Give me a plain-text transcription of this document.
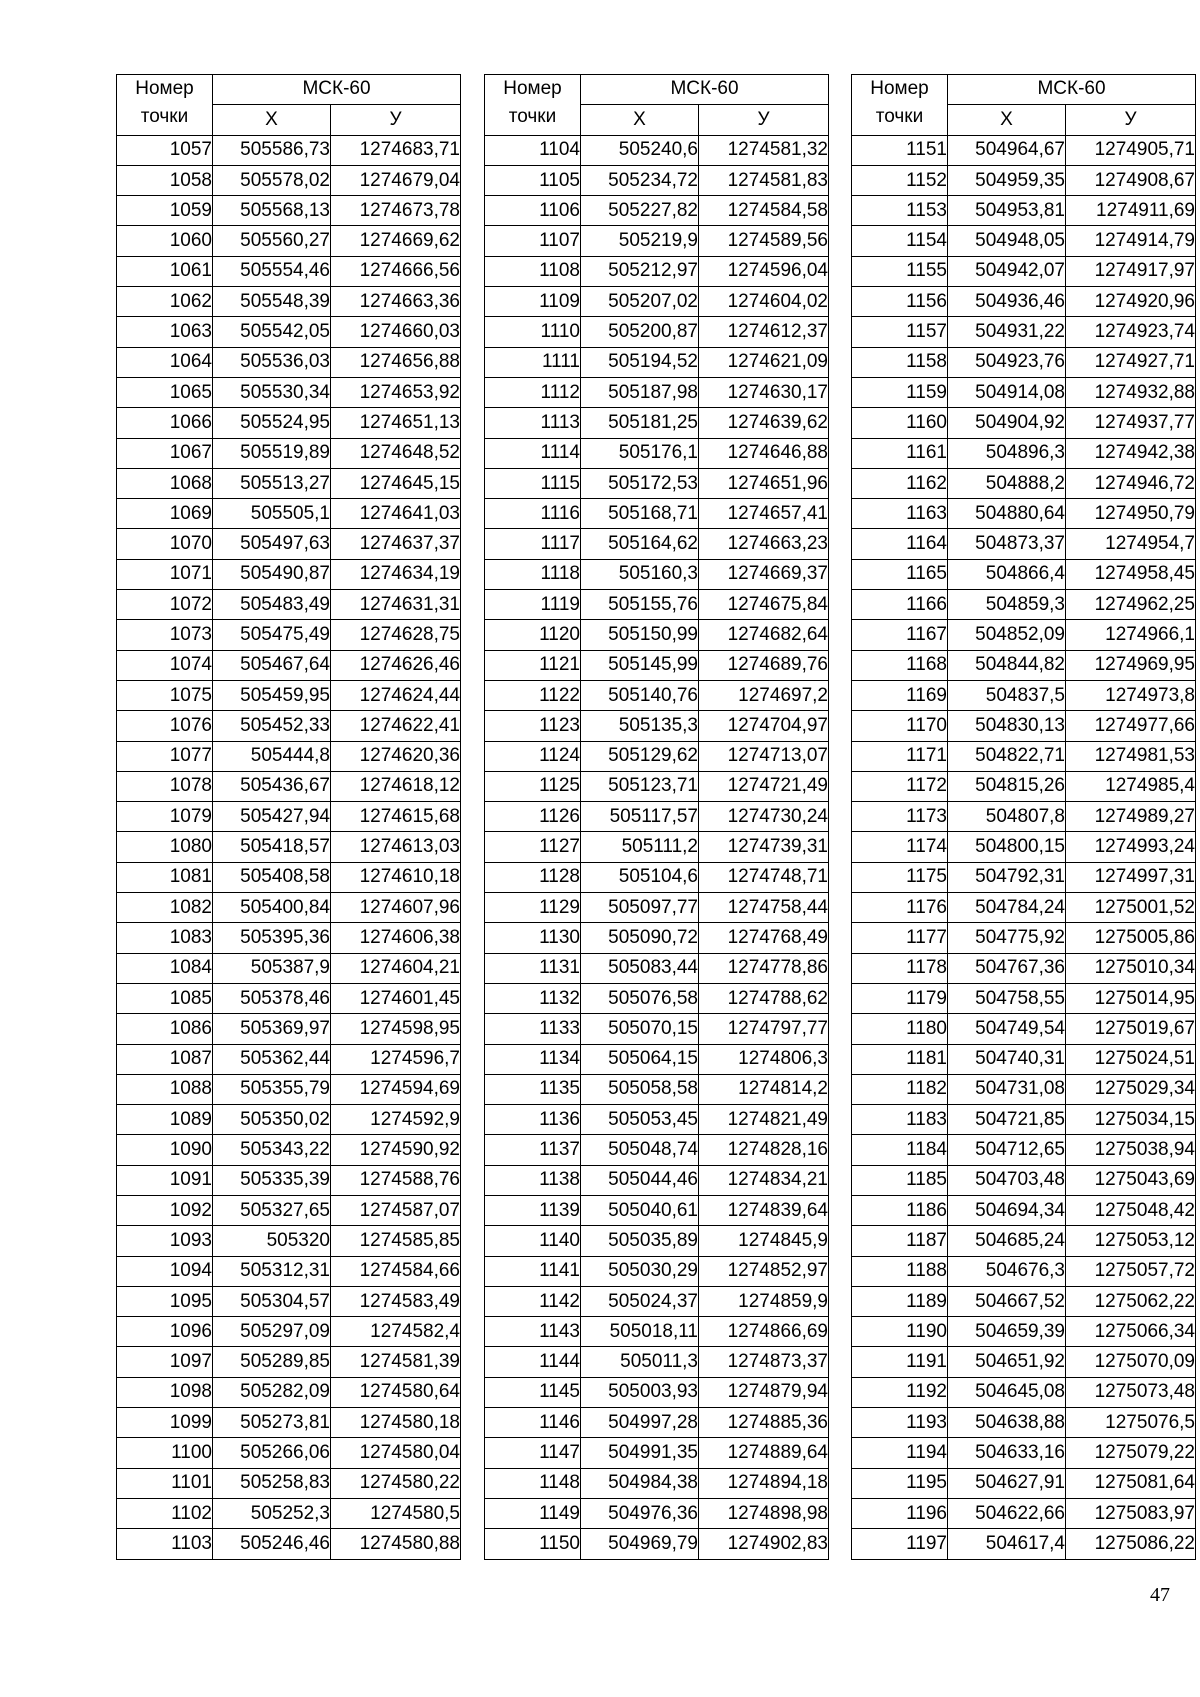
Номер точки	МСК-60	
	Х	У
1057	505586,73	1274683,71
1058	505578,02	1274679,04
1059	505568,13	1274673,78
1060	505560,27	1274669,62
1061	505554,46	1274666,56
1062	505548,39	1274663,36
1063	505542,05	1274660,03
1064	505536,03	1274656,88
1065	505530,34	1274653,92
1066	505524,95	1274651,13
1067	505519,89	1274648,52
1068	505513,27	1274645,15
1069	505505,1	1274641,03
1070	505497,63	1274637,37
1071	505490,87	1274634,19
1072	505483,49	1274631,31
1073	505475,49	1274628,75
1074	505467,64	1274626,46
1075	505459,95	1274624,44
1076	505452,33	1274622,41
1077	505444,8	1274620,36
1078	505436,67	1274618,12
1079	505427,94	1274615,68
1080	505418,57	1274613,03
1081	505408,58	1274610,18
1082	505400,84	1274607,96
1083	505395,36	1274606,38
1084	505387,9	1274604,21
1085	505378,46	1274601,45
1086	505369,97	1274598,95
1087	505362,44	1274596,7
1088	505355,79	1274594,69
1089	505350,02	1274592,9
1090	505343,22	1274590,92
1091	505335,39	1274588,76
1092	505327,65	1274587,07
1093	505320	1274585,85
1094	505312,31	1274584,66
1095	505304,57	1274583,49
1096	505297,09	1274582,4
1097	505289,85	1274581,39
1098	505282,09	1274580,64
1099	505273,81	1274580,18
1100	505266,06	1274580,04
1101	505258,83	1274580,22
1102	505252,3	1274580,5
1103	505246,46	1274580,88
Номер точки	МСК-60	
	Х	У
1104	505240,6	1274581,32
1105	505234,72	1274581,83
1106	505227,82	1274584,58
1107	505219,9	1274589,56
1108	505212,97	1274596,04
1109	505207,02	1274604,02
1110	505200,87	1274612,37
1111	505194,52	1274621,09
1112	505187,98	1274630,17
1113	505181,25	1274639,62
1114	505176,1	1274646,88
1115	505172,53	1274651,96
1116	505168,71	1274657,41
1117	505164,62	1274663,23
1118	505160,3	1274669,37
1119	505155,76	1274675,84
1120	505150,99	1274682,64
1121	505145,99	1274689,76
1122	505140,76	1274697,2
1123	505135,3	1274704,97
1124	505129,62	1274713,07
1125	505123,71	1274721,49
1126	505117,57	1274730,24
1127	505111,2	1274739,31
1128	505104,6	1274748,71
1129	505097,77	1274758,44
1130	505090,72	1274768,49
1131	505083,44	1274778,86
1132	505076,58	1274788,62
1133	505070,15	1274797,77
1134	505064,15	1274806,3
1135	505058,58	1274814,2
1136	505053,45	1274821,49
1137	505048,74	1274828,16
1138	505044,46	1274834,21
1139	505040,61	1274839,64
1140	505035,89	1274845,9
1141	505030,29	1274852,97
1142	505024,37	1274859,9
1143	505018,11	1274866,69
1144	505011,3	1274873,37
1145	505003,93	1274879,94
1146	504997,28	1274885,36
1147	504991,35	1274889,64
1148	504984,38	1274894,18
1149	504976,36	1274898,98
1150	504969,79	1274902,83
Номер точки	МСК-60	
	Х	У
1151	504964,67	1274905,71
1152	504959,35	1274908,67
1153	504953,81	1274911,69
1154	504948,05	1274914,79
1155	504942,07	1274917,97
1156	504936,46	1274920,96
1157	504931,22	1274923,74
1158	504923,76	1274927,71
1159	504914,08	1274932,88
1160	504904,92	1274937,77
1161	504896,3	1274942,38
1162	504888,2	1274946,72
1163	504880,64	1274950,79
1164	504873,37	1274954,7
1165	504866,4	1274958,45
1166	504859,3	1274962,25
1167	504852,09	1274966,1
1168	504844,82	1274969,95
1169	504837,5	1274973,8
1170	504830,13	1274977,66
1171	504822,71	1274981,53
1172	504815,26	1274985,4
1173	504807,8	1274989,27
1174	504800,15	1274993,24
1175	504792,31	1274997,31
1176	504784,24	1275001,52
1177	504775,92	1275005,86
1178	504767,36	1275010,34
1179	504758,55	1275014,95
1180	504749,54	1275019,67
1181	504740,31	1275024,51
1182	504731,08	1275029,34
1183	504721,85	1275034,15
1184	504712,65	1275038,94
1185	504703,48	1275043,69
1186	504694,34	1275048,42
1187	504685,24	1275053,12
1188	504676,3	1275057,72
1189	504667,52	1275062,22
1190	504659,39	1275066,34
1191	504651,92	1275070,09
1192	504645,08	1275073,48
1193	504638,88	1275076,5
1194	504633,16	1275079,22
1195	504627,91	1275081,64
1196	504622,66	1275083,97
1197	504617,4	1275086,22
47
